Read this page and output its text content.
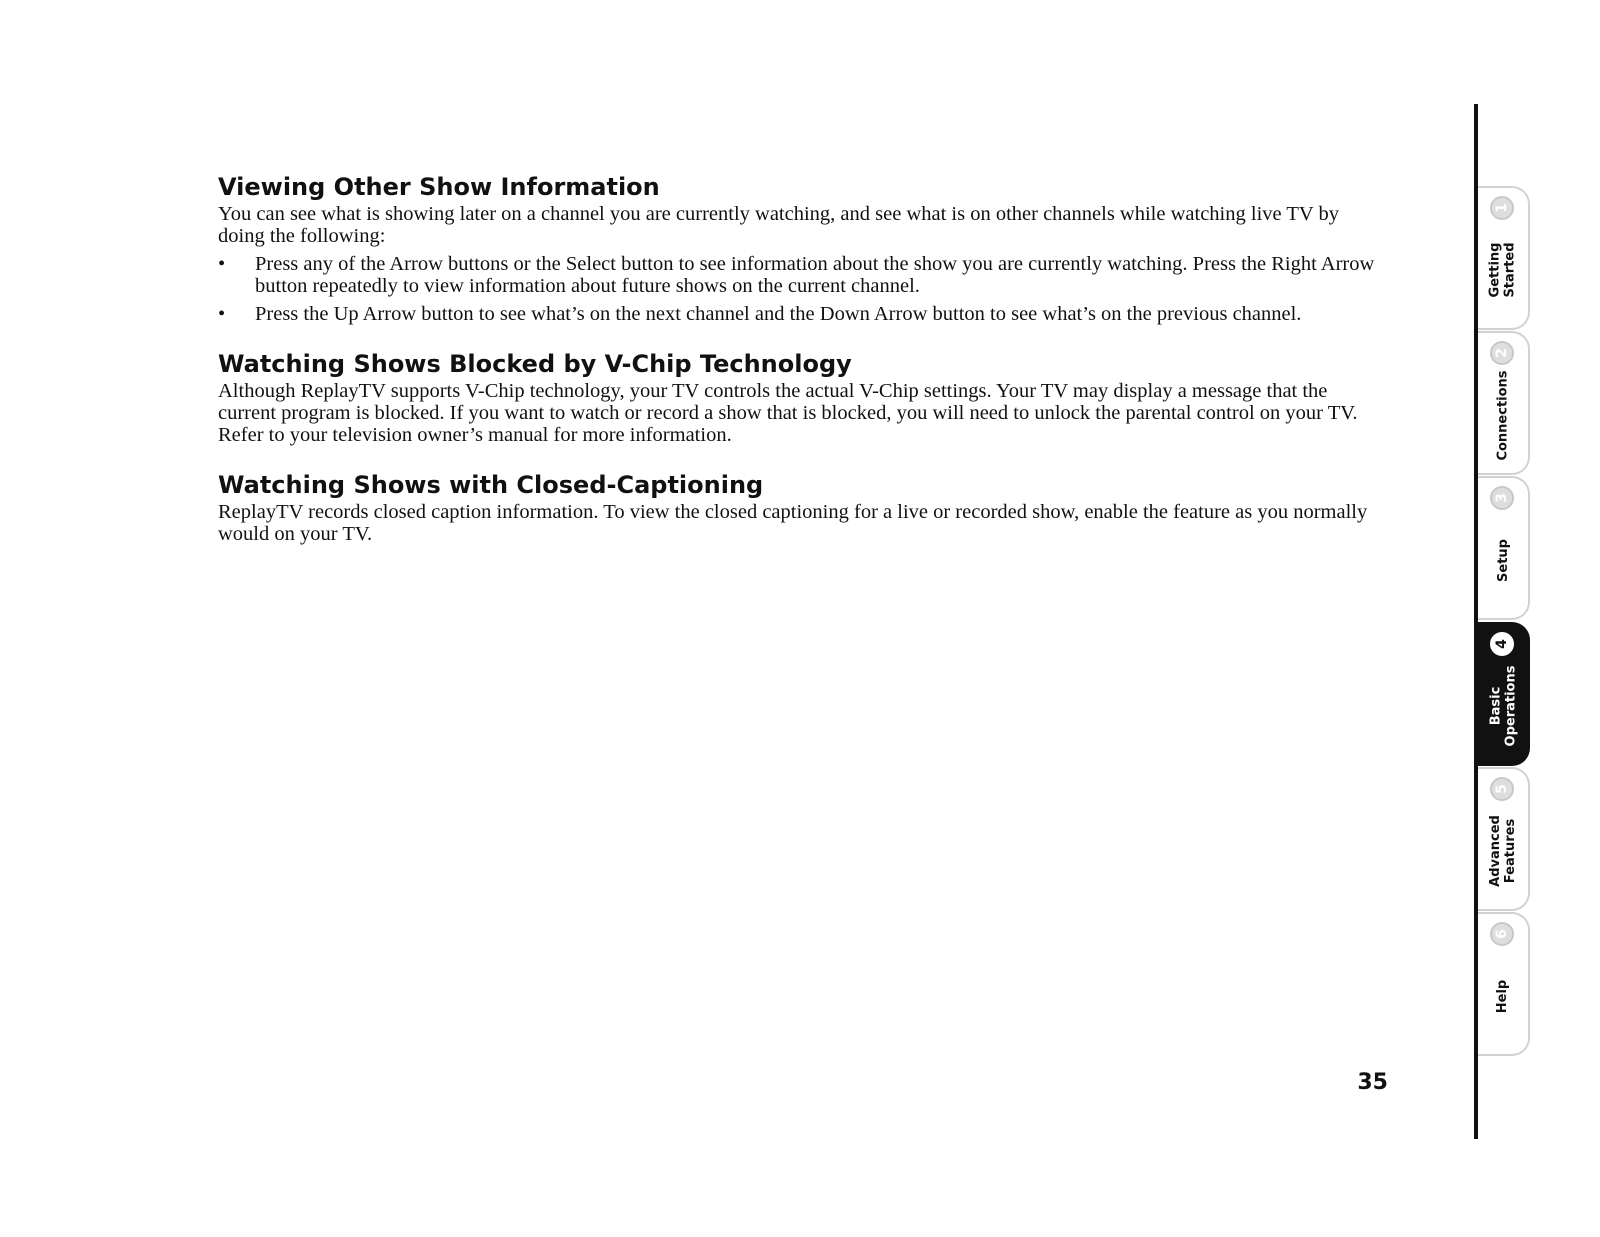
Viewing Other Show Information

You can see what is showing later on a channel you are currently watching, and see what is on other channels while watching live TV by doing the following:

• Press any of the Arrow buttons or the Select button to see information about the show you are currently watching. Press the Right Arrow button repeatedly to view information about future shows on the current channel.
• Press the Up Arrow button to see what’s on the next channel and the Down Arrow button to see what’s on the previous channel.
Watching Shows Blocked by V-Chip Technology

Although ReplayTV supports V-Chip technology, your TV controls the actual V-Chip settings. Your TV may display a message that the current program is blocked. If you want to watch or record a show that is blocked, you will need to unlock the parental control on your TV. Refer to your television owner’s manual for more information.

Watching Shows with Closed-Captioning

ReplayTV records closed caption information. To view the closed captioning for a live or recorded show, enable the feature as you normally would on your TV.

35
1
Getting
Started
2
Connections
3
Setup
4
Basic
Operations
5
Advanced
Features
6
Help
